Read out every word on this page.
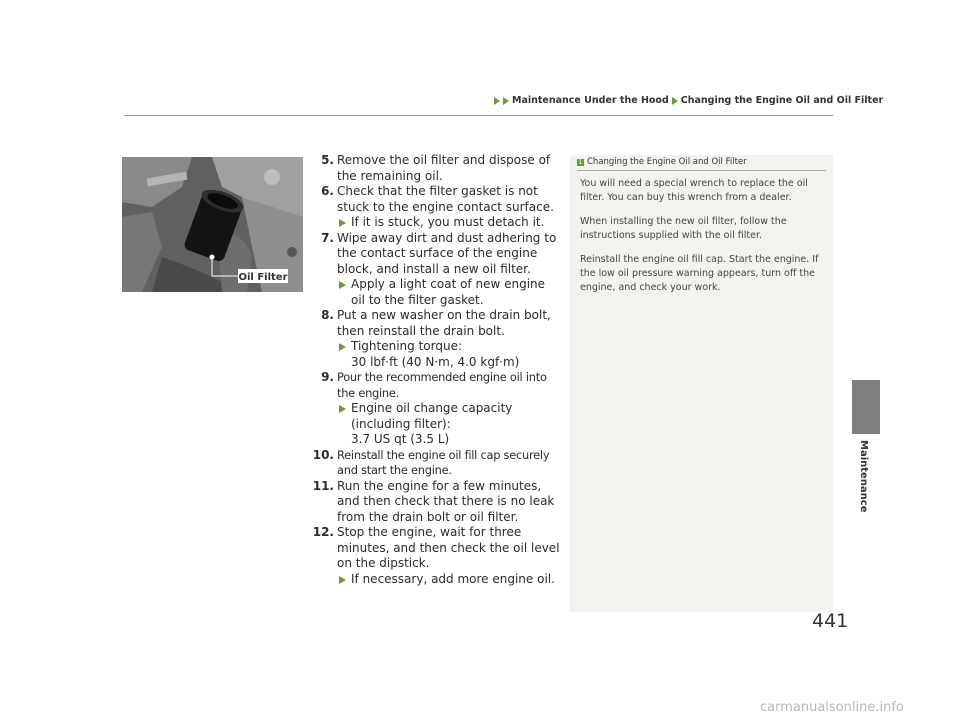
Maintenance Under the Hood Changing the Engine Oil and Oil Filter
Maintenance
Oil Filter
5. Remove the oil filter and dispose of the remaining oil.
6. Check that the filter gasket is not stuck to the engine contact surface.
If it is stuck, you must detach it.
7. Wipe away dirt and dust adhering to the contact surface of the engine block, and install a new oil filter.
Apply a light coat of new engine oil to the filter gasket.
8. Put a new washer on the drain bolt, then reinstall the drain bolt.
Tightening torque:
30 lbf·ft (40 N·m, 4.0 kgf·m)
9. Pour the recommended engine oil into the engine.
Engine oil change capacity (including filter):
3.7 US qt (3.5 L)
10. Reinstall the engine oil fill cap securely and start the engine.
11. Run the engine for a few minutes, and then check that there is no leak from the drain bolt or oil filter.
12. Stop the engine, wait for three minutes, and then check the oil level on the dipstick.
If necessary, add more engine oil.
1 Changing the Engine Oil and Oil Filter

You will need a special wrench to replace the oil filter. You can buy this wrench from a dealer.

When installing the new oil filter, follow the instructions supplied with the oil filter.

Reinstall the engine oil fill cap. Start the engine. If the low oil pressure warning appears, turn off the engine, and check your work.

441
carmanualsonline.info
